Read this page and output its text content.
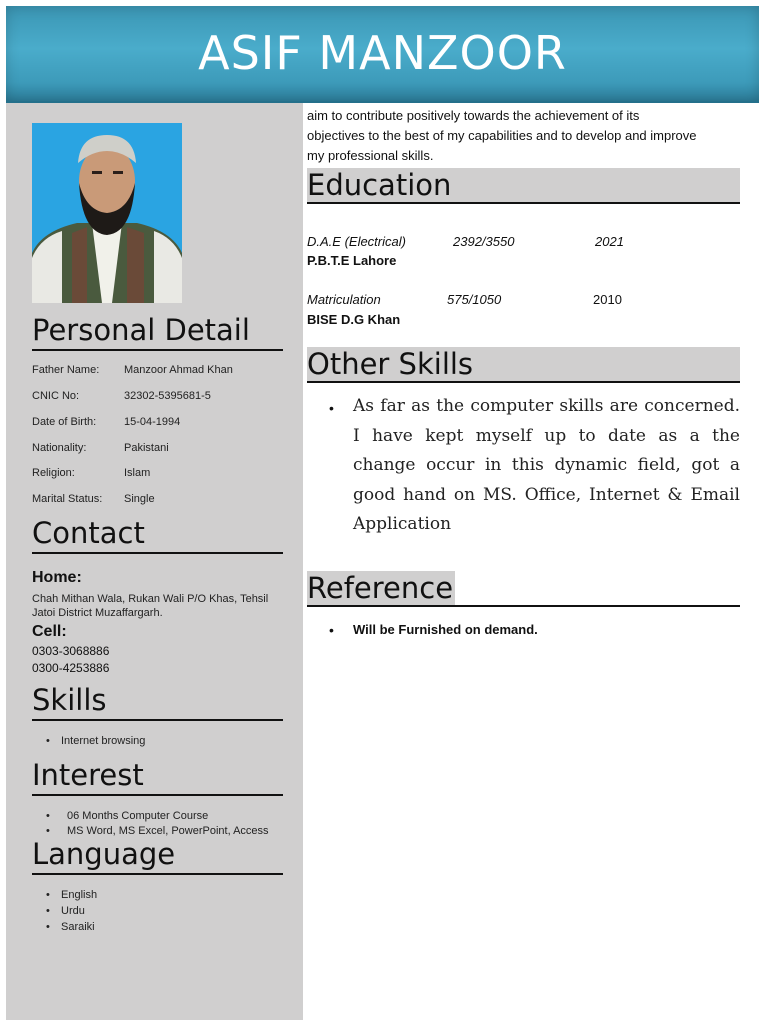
ASIF MANZOOR
Personal Detail
Father Name: Manzoor Ahmad Khan
CNIC No:	32302-5395681-5
Date of Birth:	15-04-1994
Nationality:	Pakistani
Religion:	Islam
Marital Status: Single
Contact
Home:
Chah Mithan Wala, Rukan Wali P/O Khas, Tehsil
Jatoi District Muzaffargarh.
Cell:
0303-3068886
0300-4253886
Skills
• Internet browsing
Interest
• 06 Months Computer Course
• MS Word, MS Excel, PowerPoint, Access
Language
• English
• Urdu
• Saraiki
aim to contribute positively towards the achievement of its
objectives to the best of my capabilities and to develop and improve
my professional skills.
Education
D.A.E (Electrical)	2392/3550	2021
P.B.T.E Lahore
Matriculation	575/1050	2010
BISE D.G Khan
Other Skills
• As far as the computer skills are concerned. I have kept myself up to date as a the change occur in this dynamic field, got a good hand on MS. Office, Internet & Email Application
Reference
• Will be Furnished on demand.
